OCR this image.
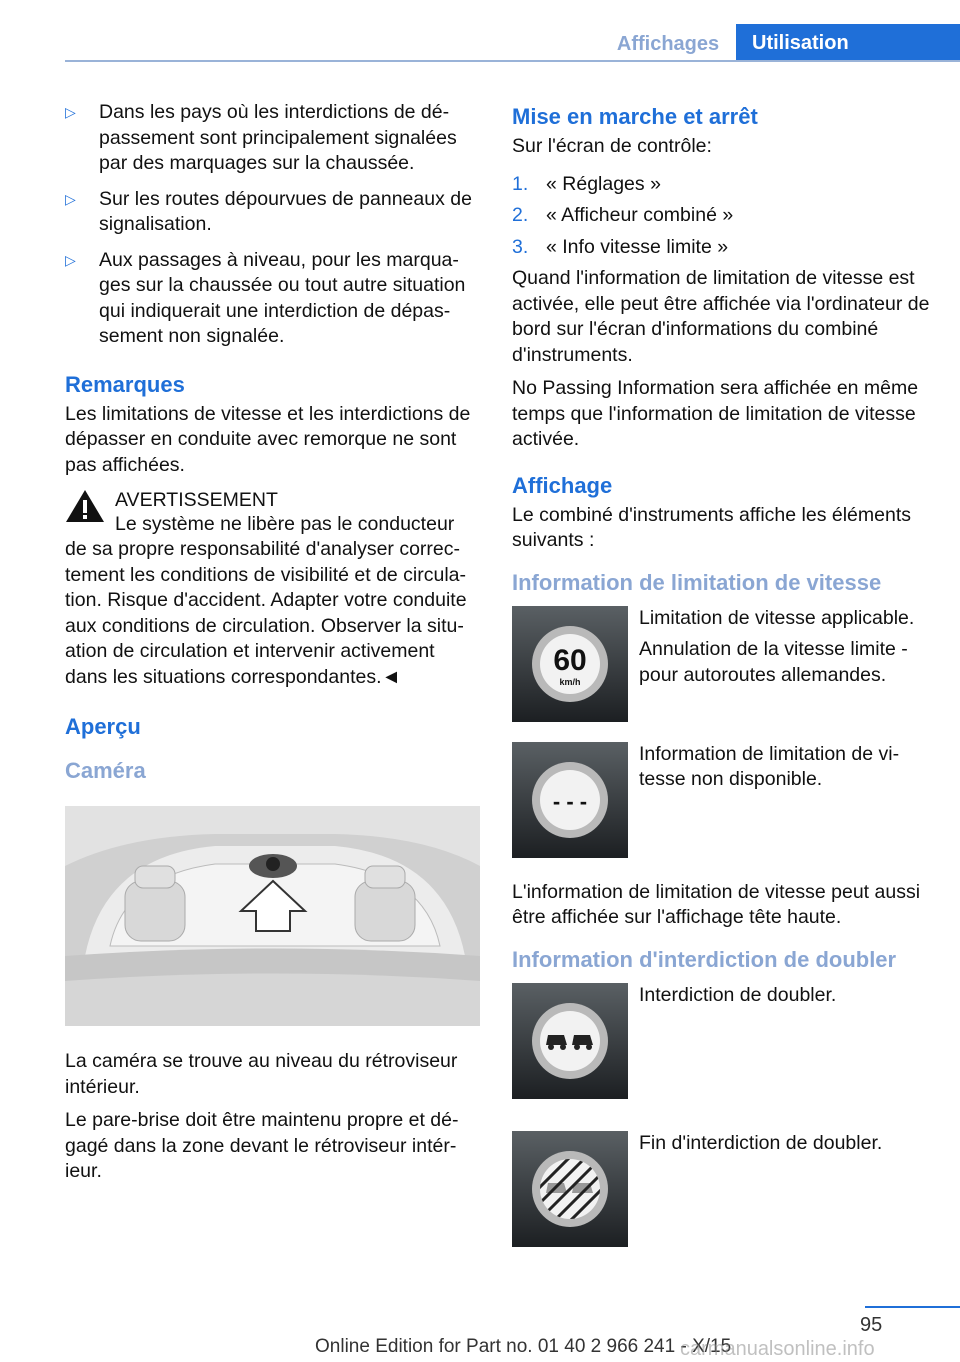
Affichages	Utilisation
▷ Dans les pays où les interdictions de dépassement sont principalement signalées par des marquages sur la chaussée.
▷ Sur les routes dépourvues de panneaux de signalisation.
▷ Aux passages à niveau, pour les marquages sur la chaussée ou tout autre situation qui indiquerait une interdiction de dépassement non signalée.
Remarques

Les limitations de vitesse et les interdictions de dépasser en conduite avec remorque ne sont pas affichées.

AVERTISSEMENT
Le système ne libère pas le conducteur de sa propre responsabilité d'analyser correctement les conditions de visibilité et de circulation. Risque d'accident. Adapter votre conduite aux conditions de circulation. Observer la situation de circulation et intervenir activement dans les situations correspondantes.◄
Aperçu
Caméra

La caméra se trouve au niveau du rétroviseur intérieur.

Le pare-brise doit être maintenu propre et dégagé dans la zone devant le rétroviseur intérieur.

Mise en marche et arrêt

Sur l'écran de contrôle:

1. « Réglages »
2. « Afficheur combiné »
3. « Info vitesse limite »

Quand l'information de limitation de vitesse est activée, elle peut être affichée via l'ordinateur de bord sur l'écran d'informations du combiné d'instruments.

No Passing Information sera affichée en même temps que l'information de limitation de vitesse activée.

Affichage

Le combiné d'instruments affiche les éléments suivants :

Information de limitation de vitesse
60
km/h

Limitation de vitesse applicable.

Annulation de la vitesse limite - pour autoroutes allemandes.

- - -

Information de limitation de vitesse non disponible.

L'information de limitation de vitesse peut aussi être affichée sur l'affichage tête haute.

Information d'interdiction de doubler

Interdiction de doubler.

Fin d'interdiction de doubler.

95
Online Edition for Part no. 01 40 2 966 241 - X/15
carmanualsonline.info
